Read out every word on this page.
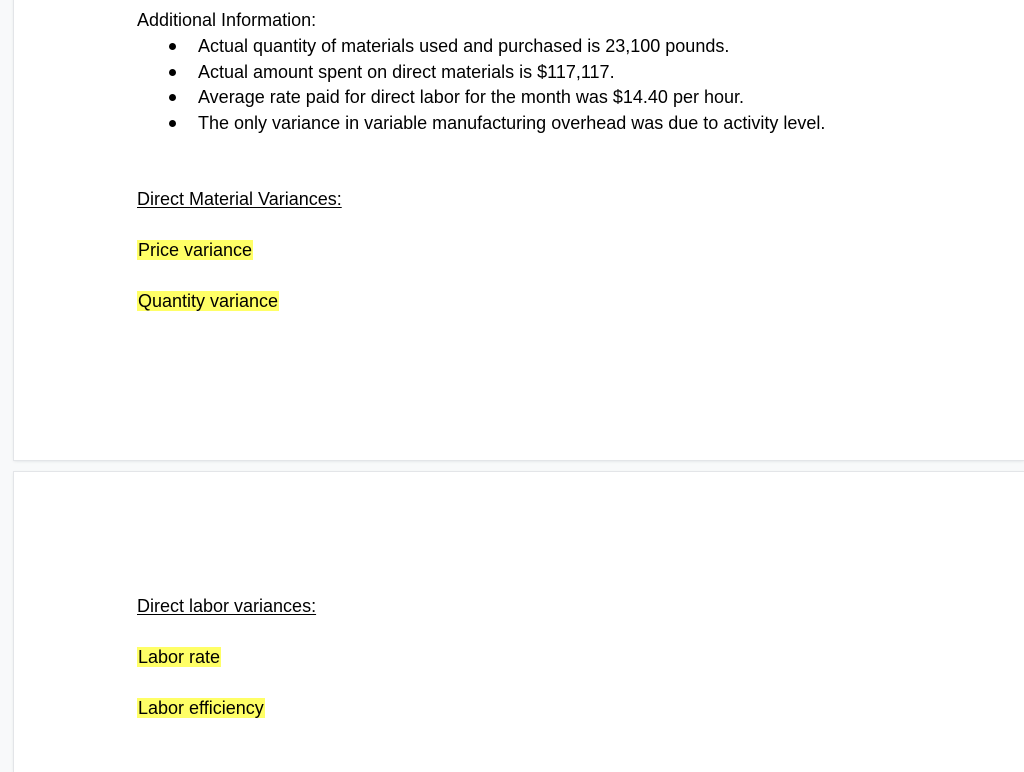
Additional Information:
Actual quantity of materials used and purchased is 23,100 pounds.
Actual amount spent on direct materials is $117,117.
Average rate paid for direct labor for the month was $14.40 per hour.
The only variance in variable manufacturing overhead was due to activity level.
Direct Material Variances:
Price variance
Quantity variance
Direct labor variances:
Labor rate
Labor efficiency
